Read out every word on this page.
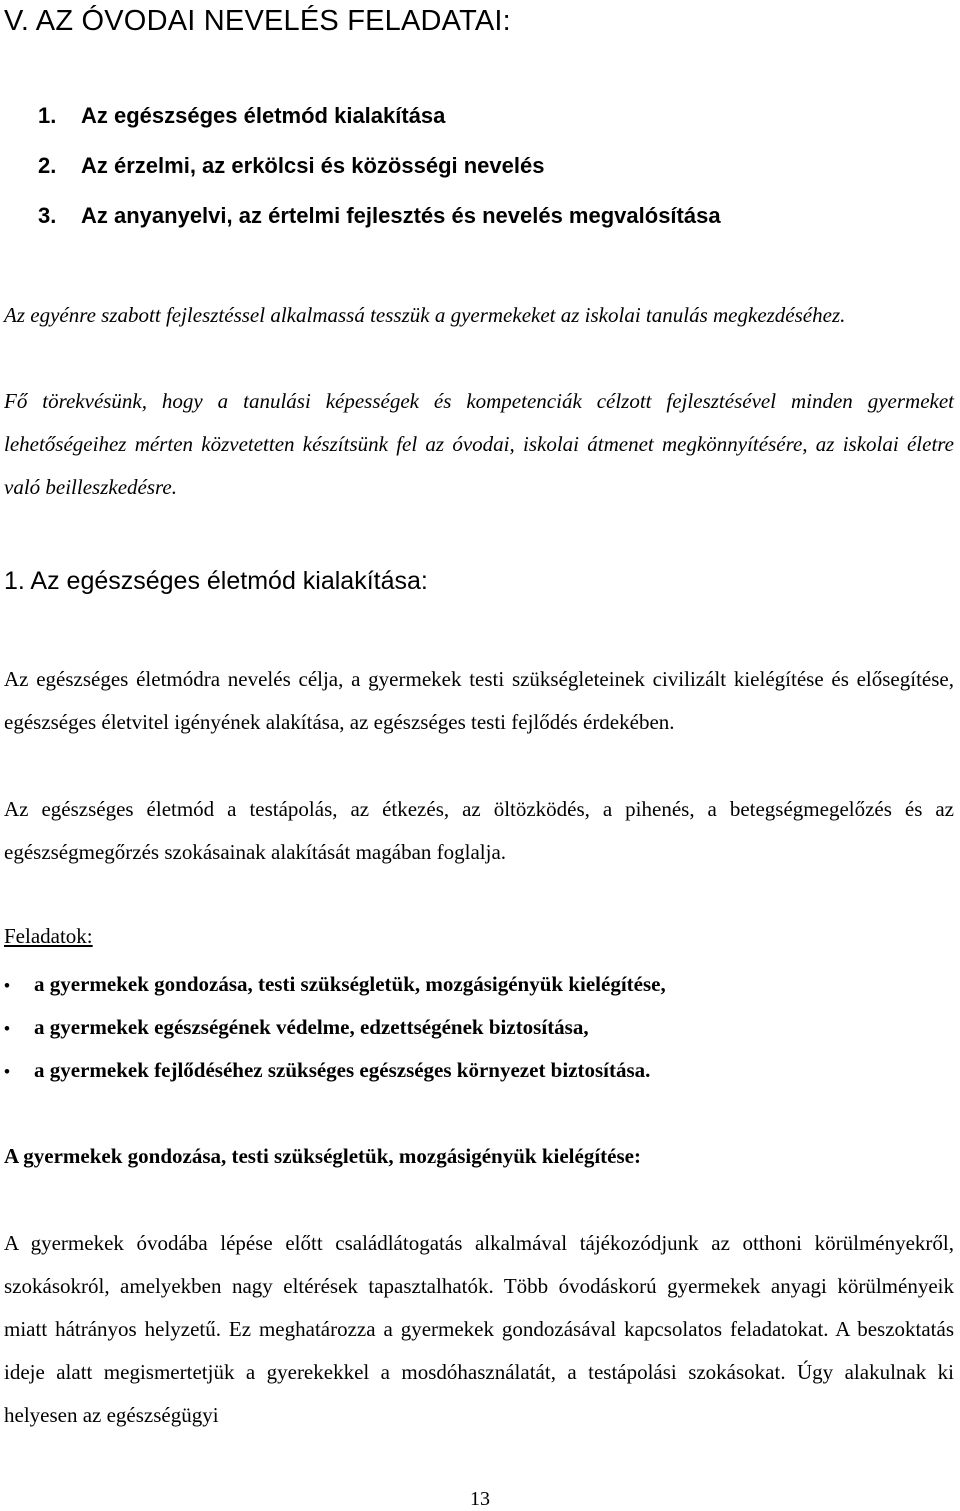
V. AZ ÓVODAI NEVELÉS FELADATAI:
1. Az egészséges életmód kialakítása
2. Az érzelmi, az erkölcsi és közösségi nevelés
3. Az anyanyelvi, az értelmi fejlesztés és nevelés megvalósítása

Az egyénre szabott fejlesztéssel alkalmassá tesszük a gyermekeket az iskolai tanulás megkezdéséhez.

Fő törekvésünk, hogy a tanulási képességek és kompetenciák célzott fejlesztésével minden gyermeket lehetőségeihez mérten közvetetten készítsünk fel az óvodai, iskolai átmenet megkönnyítésére, az iskolai életre való beilleszkedésre.

1. Az egészséges életmód kialakítása:

Az egészséges életmódra nevelés célja, a gyermekek testi szükségleteinek civilizált kielégítése és elősegítése, egészséges életvitel igényének alakítása, az egészséges testi fejlődés érdekében.

Az egészséges életmód a testápolás, az étkezés, az öltözködés, a pihenés, a betegségmegelőzés és az egészségmegőrzés szokásainak alakítását magában foglalja.

Feladatok:

• a gyermekek gondozása, testi szükségletük, mozgásigényük kielégítése,
• a gyermekek egészségének védelme, edzettségének biztosítása,
• a gyermekek fejlődéséhez szükséges egészséges környezet biztosítása.
A gyermekek gondozása, testi szükségletük, mozgásigényük kielégítése:

A gyermekek óvodába lépése előtt családlátogatás alkalmával tájékozódjunk az otthoni körülményekről, szokásokról, amelyekben nagy eltérések tapasztalhatók. Több óvodáskorú gyermekek anyagi körülményeik miatt hátrányos helyzetű. Ez meghatározza a gyermekek gondozásával kapcsolatos feladatokat. A beszoktatás ideje alatt megismertetjük a gyerekekkel a mosdóhasználatát, a testápolási szokásokat. Úgy alakulnak ki helyesen az egészségügyi

13
